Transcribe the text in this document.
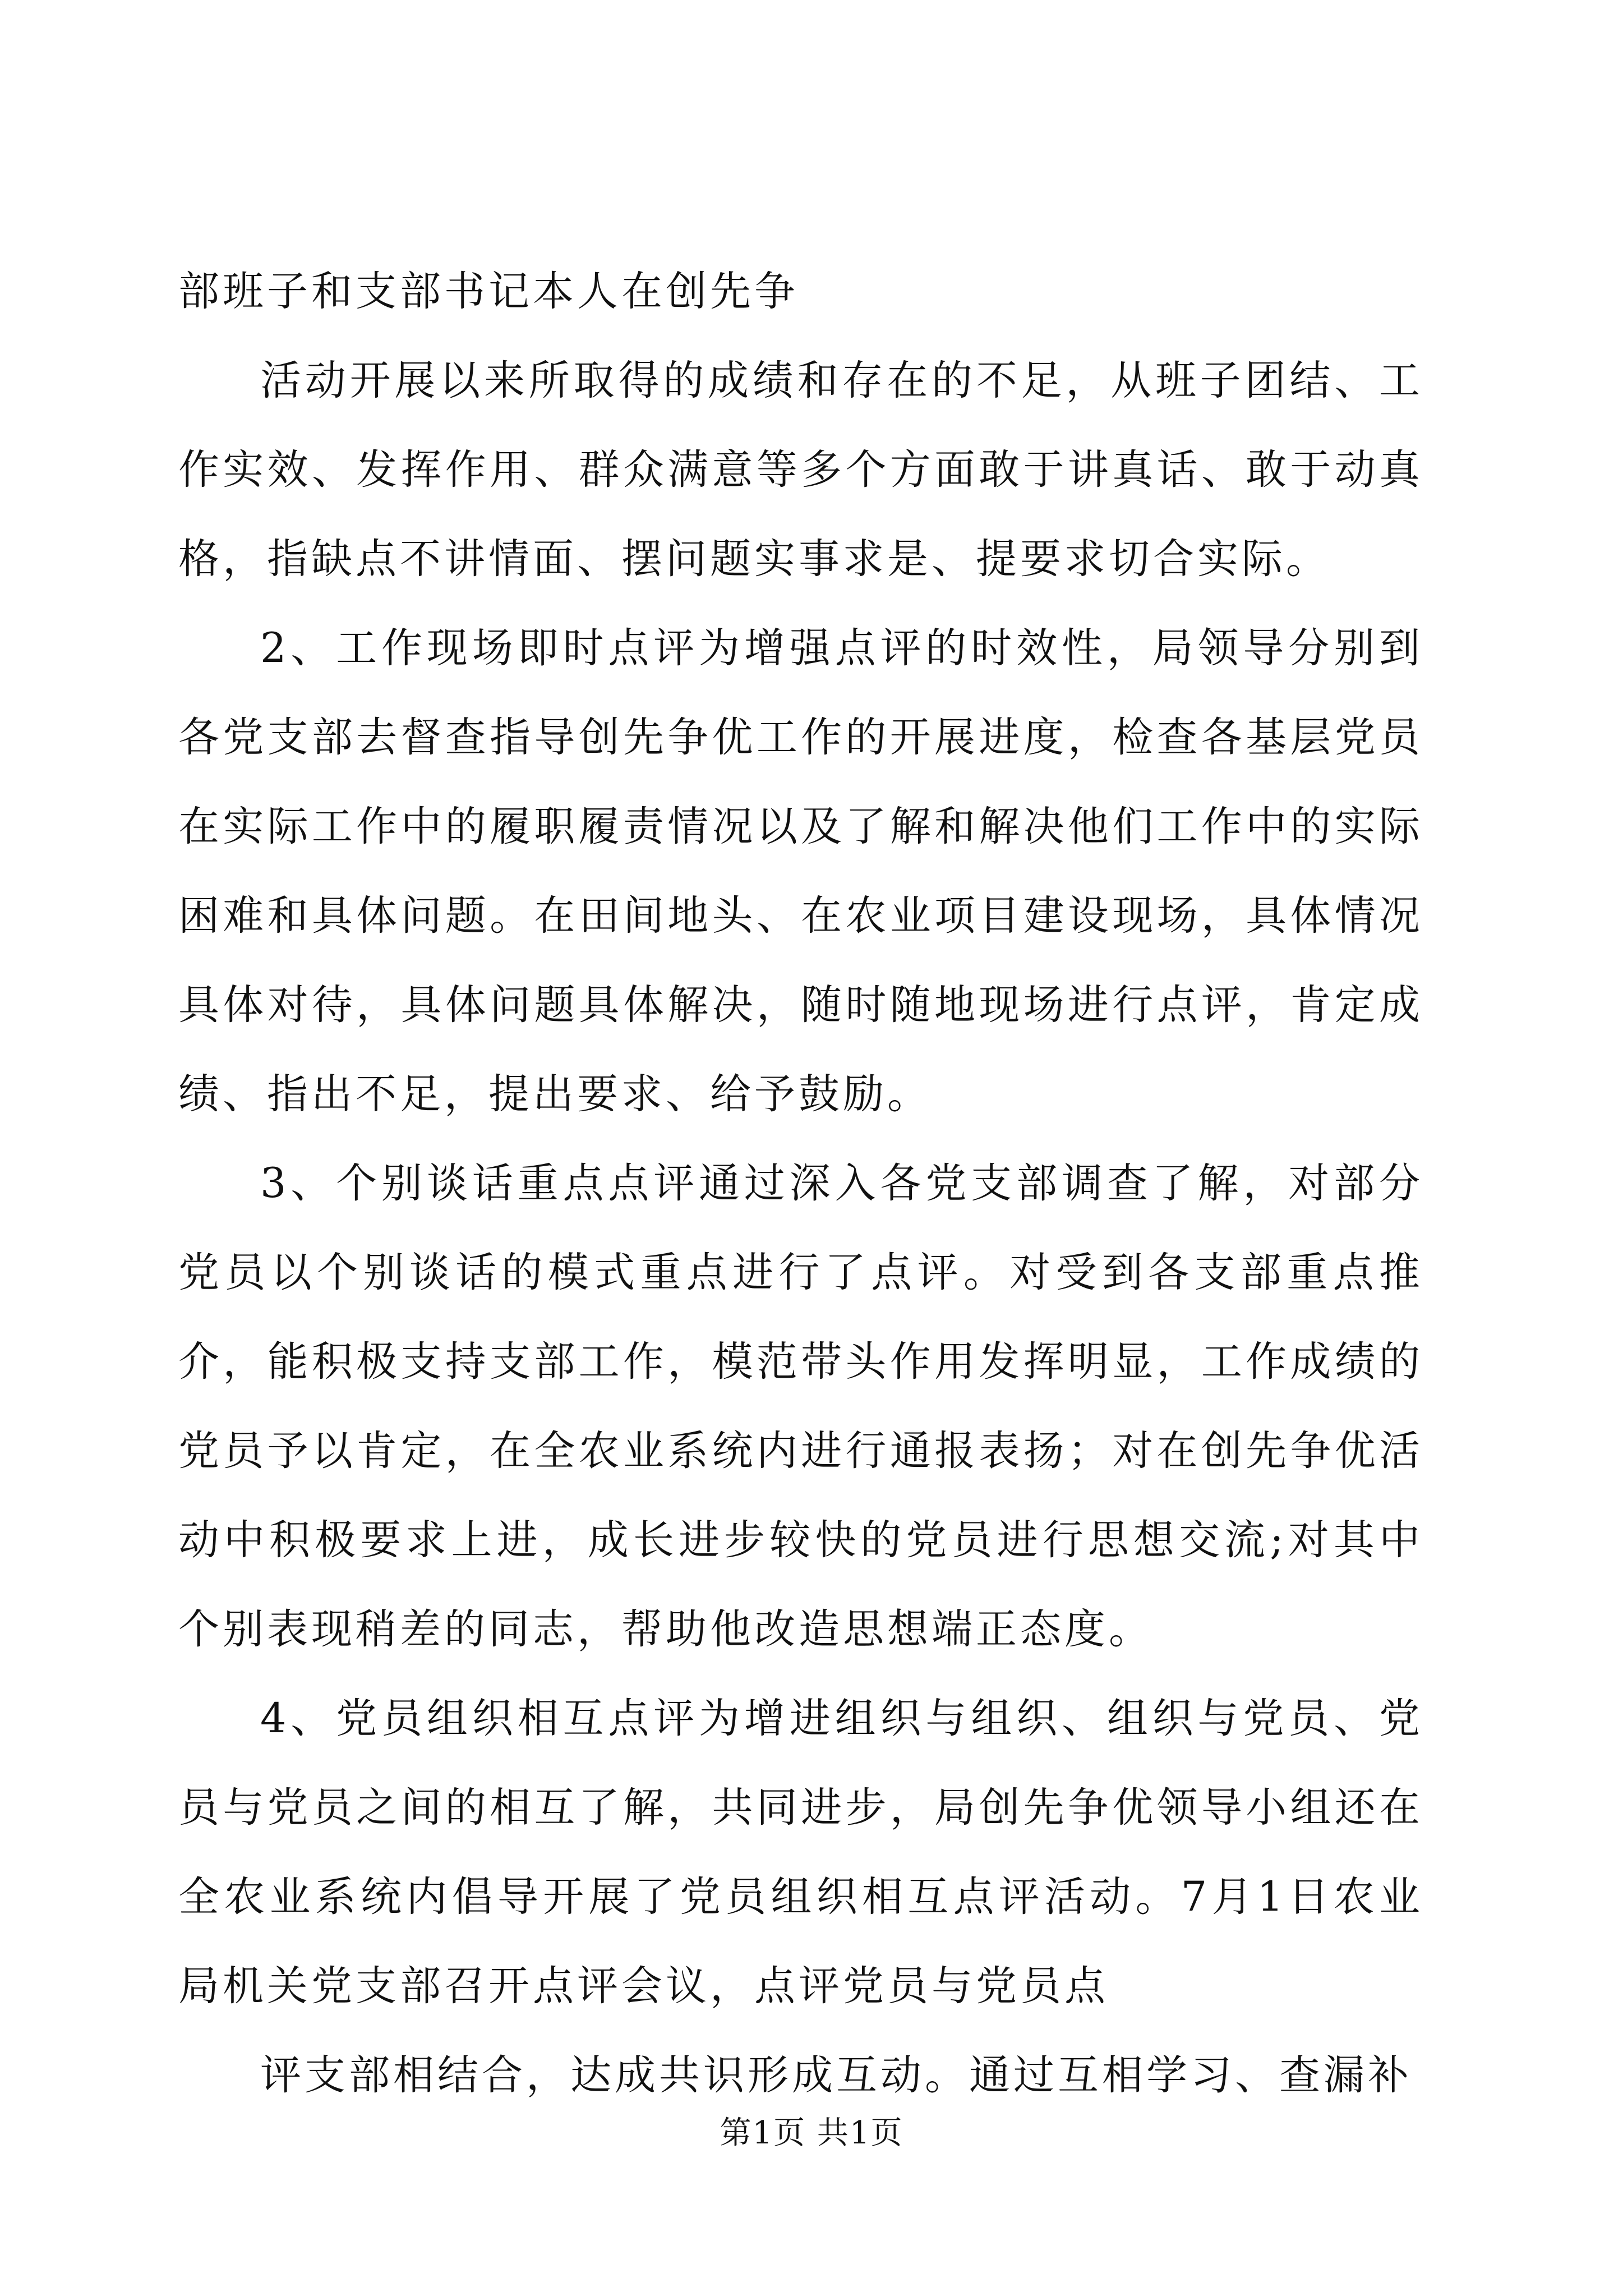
部班子和支部书记本人在创先争

活动开展以来所取得的成绩和存在的不足，从班子团结、工作实效、发挥作用、群众满意等多个方面敢于讲真话、敢于动真格，指缺点不讲情面、摆问题实事求是、提要求切合实际。

2、工作现场即时点评为增强点评的时效性，局领导分别到各党支部去督查指导创先争优工作的开展进度，检查各基层党员在实际工作中的履职履责情况以及了解和解决他们工作中的实际困难和具体问题。在田间地头、在农业项目建设现场，具体情况具体对待，具体问题具体解决，随时随地现场进行点评，肯定成绩、指出不足，提出要求、给予鼓励。

3、个别谈话重点点评通过深入各党支部调查了解，对部分党员以个别谈话的模式重点进行了点评。对受到各支部重点推介，能积极支持支部工作，模范带头作用发挥明显，工作成绩的党员予以肯定，在全农业系统内进行通报表扬；对在创先争优活动中积极要求上进，成长进步较快的党员进行思想交流;对其中个别表现稍差的同志，帮助他改造思想端正态度。

4、党员组织相互点评为增进组织与组织、组织与党员、党员与党员之间的相互了解，共同进步，局创先争优领导小组还在全农业系统内倡导开展了党员组织相互点评活动。7月1日农业局机关党支部召开点评会议，点评党员与党员点

评支部相结合，达成共识形成互动。通过互相学习、查漏补

第1页 共1页
